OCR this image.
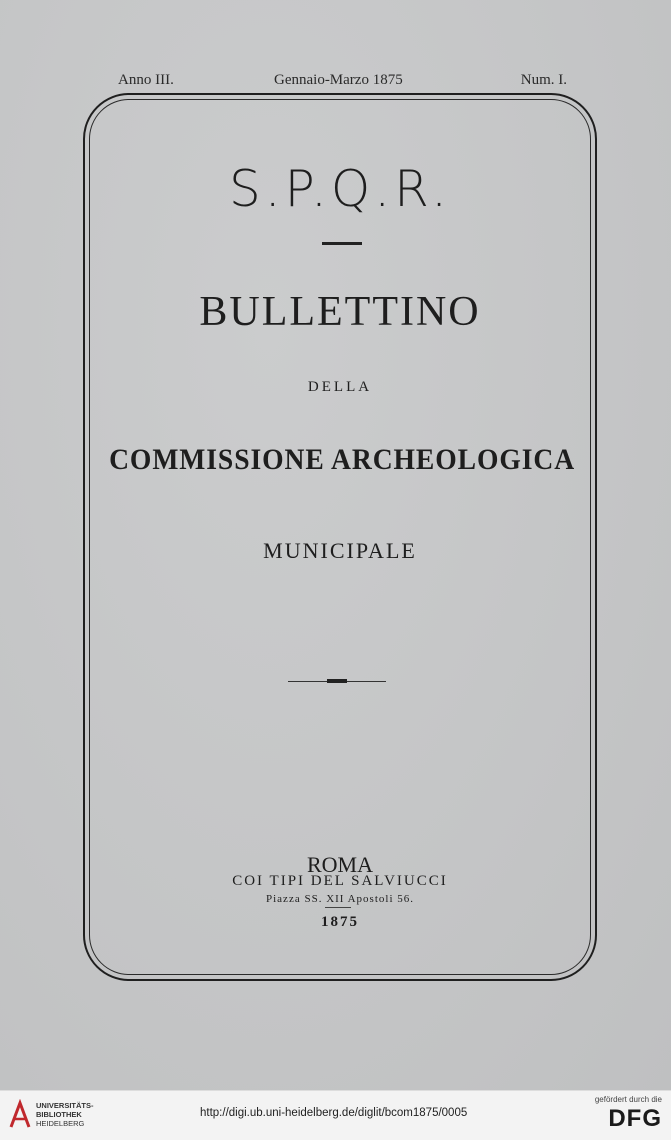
Anno III.	Gennaio-Marzo 1875	Num. I.
S.P.Q.R.
BULLETTINO
DELLA
COMMISSIONE ARCHEOLOGICA
MUNICIPALE
ROMA
COI TIPI DEL SALVIUCCI
Piazza SS. XII Apostoli 56.
1875
UNIVERSITÄTS-
BIBLIOTHEK
HEIDELBERG
http://digi.ub.uni-heidelberg.de/diglit/bcom1875/0005
gefördert durch die
DFG
